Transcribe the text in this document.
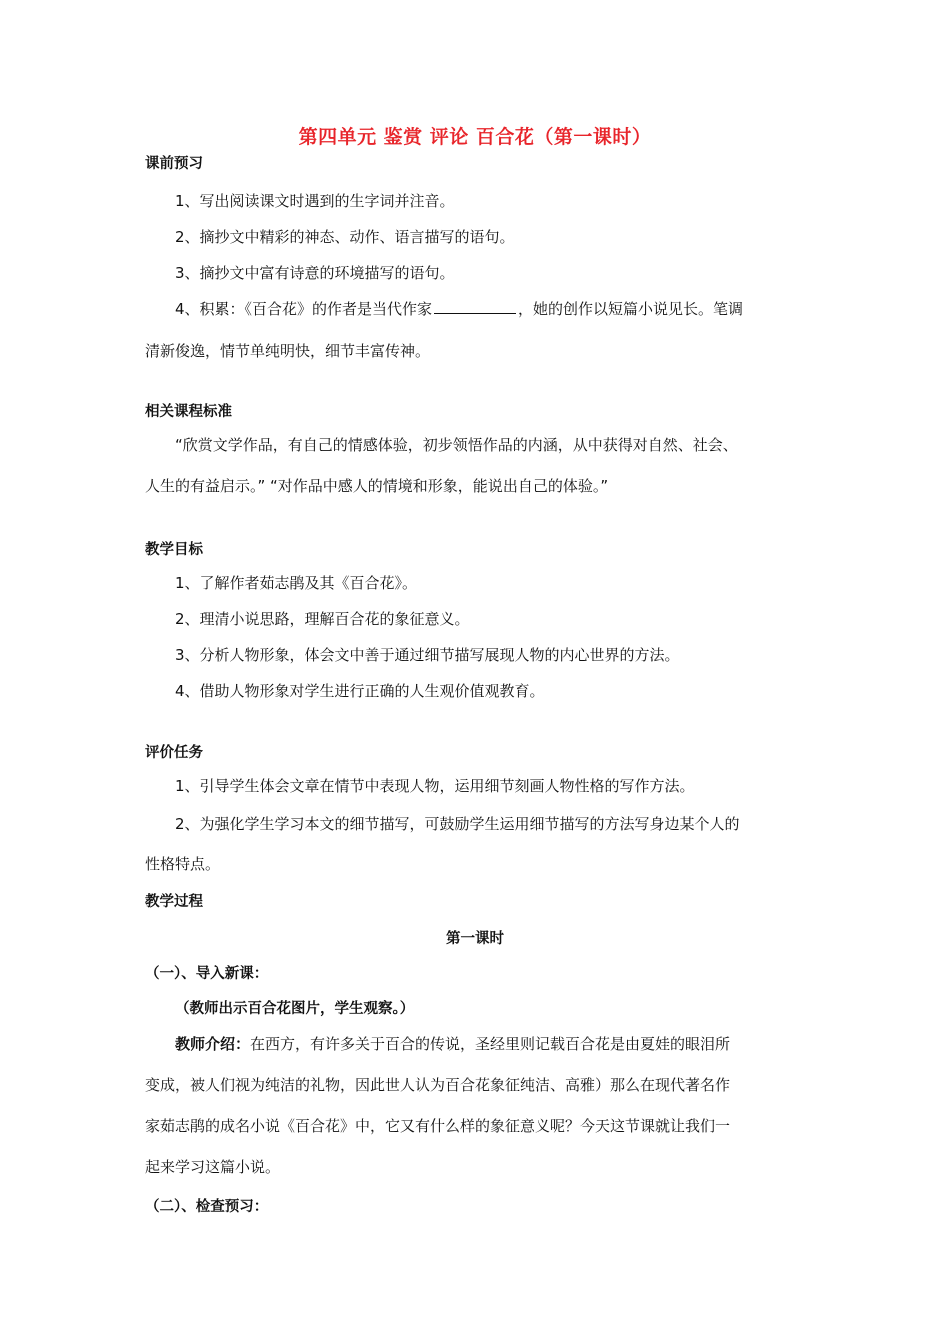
第四单元 鉴赏 评论 百合花（第一课时）
课前预习
1、写出阅读课文时遇到的生字词并注音。
2、摘抄文中精彩的神态、动作、语言描写的语句。
3、摘抄文中富有诗意的环境描写的语句。
4、积累：《百合花》的作者是当代作家	，她的创作以短篇小说见长。笔调
清新俊逸，情节单纯明快，细节丰富传神。
相关课程标准
“欣赏文学作品，有自己的情感体验，初步领悟作品的内涵，从中获得对自然、社会、
人生的有益启示。” “对作品中感人的情境和形象，能说出自己的体验。”
教学目标
1、了解作者茹志鹃及其《百合花》。
2、理清小说思路，理解百合花的象征意义。
3、分析人物形象，体会文中善于通过细节描写展现人物的内心世界的方法。
4、借助人物形象对学生进行正确的人生观价值观教育。
评价任务
1、引导学生体会文章在情节中表现人物，运用细节刻画人物性格的写作方法。
2、为强化学生学习本文的细节描写，可鼓励学生运用细节描写的方法写身边某个人的
性格特点。
教学过程
第一课时
（一）、导入新课：
（教师出示百合花图片，学生观察。）
教师介绍：在西方，有许多关于百合的传说，圣经里则记载百合花是由夏娃的眼泪所
变成，被人们视为纯洁的礼物，因此世人认为百合花象征纯洁、高雅）那么在现代著名作
家茹志鹃的成名小说《百合花》中，它又有什么样的象征意义呢？今天这节课就让我们一
起来学习这篇小说。
（二）、检查预习：
